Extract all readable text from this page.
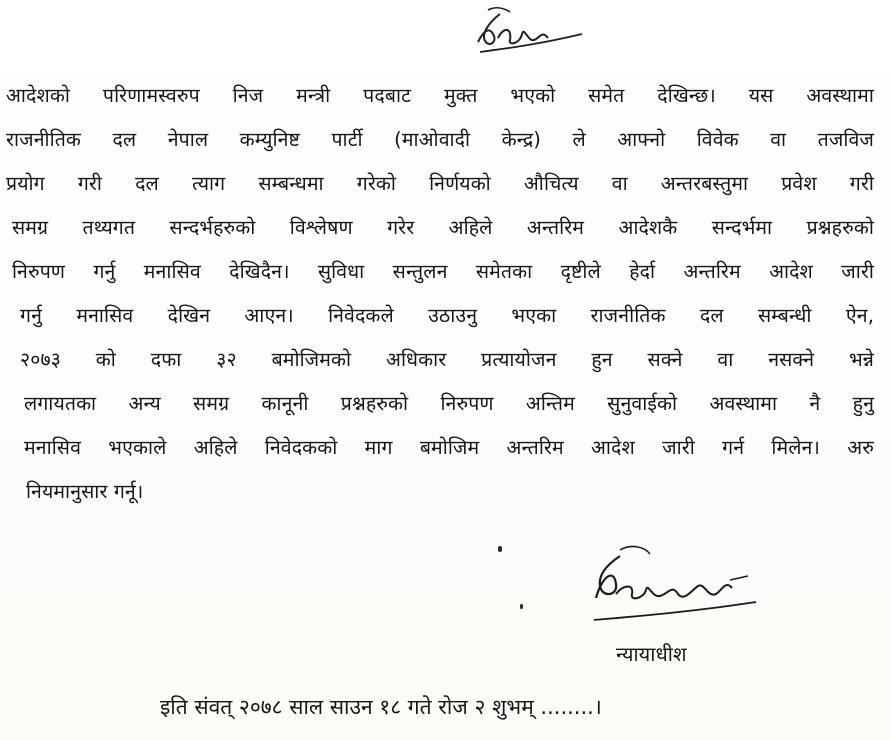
आदेशको परिणामस्वरुप निज मन्त्री पदबाट मुक्त भएको समेत देखिन्छ। यस अवस्थामा
राजनीतिक दल नेपाल कम्युनिष्ट पार्टी (माओवादी केन्द्र) ले आफ्नो विवेक वा तजविज
प्रयोग गरी दल त्याग सम्बन्धमा गरेको निर्णयको औचित्य वा अन्तरबस्तुमा प्रवेश गरी
समग्र तथ्यगत सन्दर्भहरुको विश्लेषण गरेर अहिले अन्तरिम आदेशकै सन्दर्भमा प्रश्नहरुको
निरुपण गर्नु मनासिव देखिदैन। सुविधा सन्तुलन समेतका दृष्टीले हेर्दा अन्तरिम आदेश जारी
गर्नु मनासिव देखिन आएन। निवेदकले उठाउनु भएका राजनीतिक दल सम्बन्धी ऐन,
२०७३ को दफा ३२ बमोजिमको अधिकार प्रत्यायोजन हुन सक्ने वा नसक्ने भन्ने
लगायतका अन्य समग्र कानूनी प्रश्नहरुको निरुपण अन्तिम सुनुवाईको अवस्थामा नै हुनु
मनासिव भएकाले अहिले निवेदकको माग बमोजिम अन्तरिम आदेश जारी गर्न मिलेन। अरु
नियमानुसार गर्नू।
न्यायाधीश
इति संवत् २०७८ साल साउन १८ गते रोज २ शुभम् ........।
